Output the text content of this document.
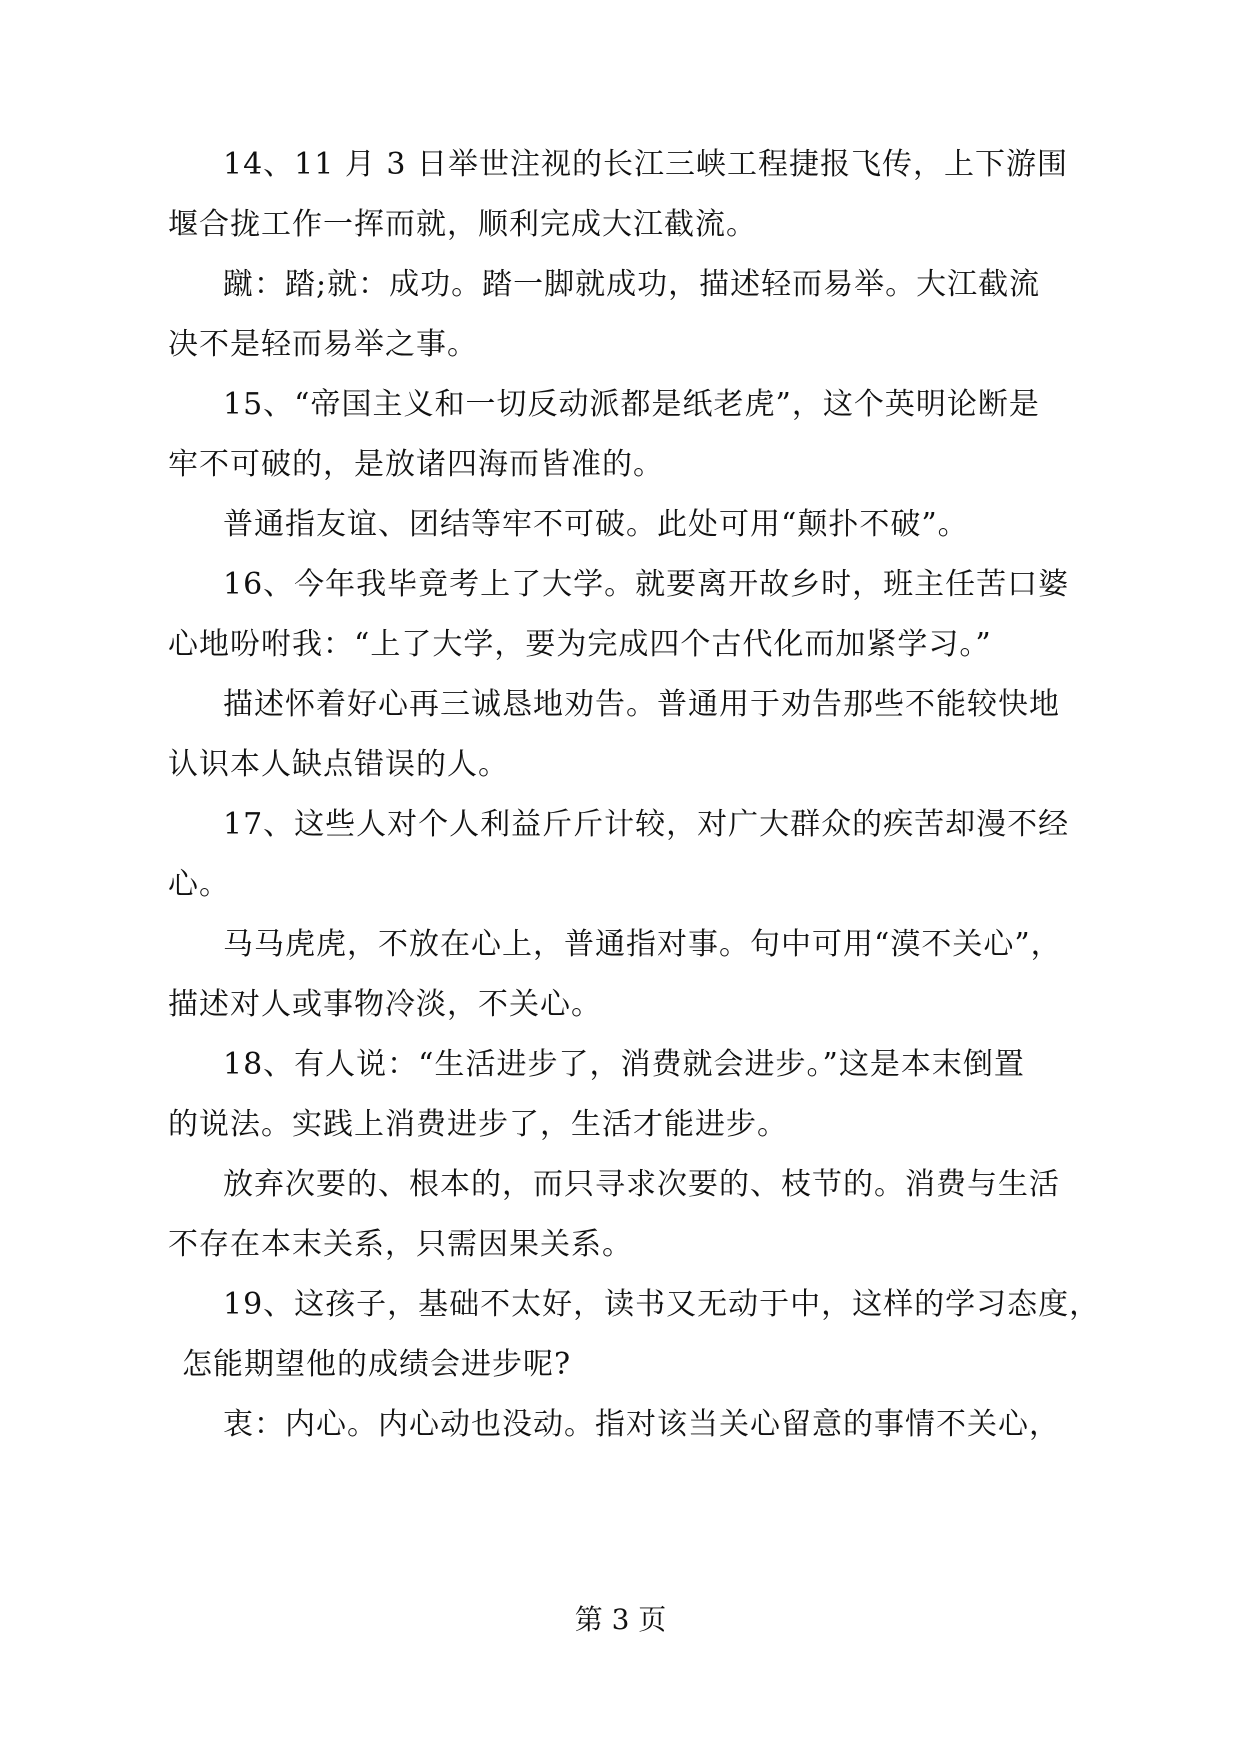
14、11 月 3 日举世注视的长江三峡工程捷报飞传，上下游围
堰合拢工作一挥而就，顺利完成大江截流。
蹴：踏;就：成功。踏一脚就成功，描述轻而易举。大江截流
决不是轻而易举之事。
15、“帝国主义和一切反动派都是纸老虎”，这个英明论断是
牢不可破的，是放诸四海而皆准的。
普通指友谊、团结等牢不可破。此处可用“颠扑不破”。
16、今年我毕竟考上了大学。就要离开故乡时，班主任苦口婆
心地吩咐我：“上了大学，要为完成四个古代化而加紧学习。”
描述怀着好心再三诚恳地劝告。普通用于劝告那些不能较快地
认识本人缺点错误的人。
17、这些人对个人利益斤斤计较，对广大群众的疾苦却漫不经
心。
马马虎虎，不放在心上，普通指对事。句中可用“漠不关心”，
描述对人或事物冷淡，不关心。
18、有人说：“生活进步了，消费就会进步。”这是本末倒置
的说法。实践上消费进步了，生活才能进步。
放弃次要的、根本的，而只寻求次要的、枝节的。消费与生活
不存在本末关系，只需因果关系。
19、这孩子，基础不太好，读书又无动于中，这样的学习态度，
怎能期望他的成绩会进步呢?
衷：内心。内心动也没动。指对该当关心留意的事情不关心，
第 3 页
